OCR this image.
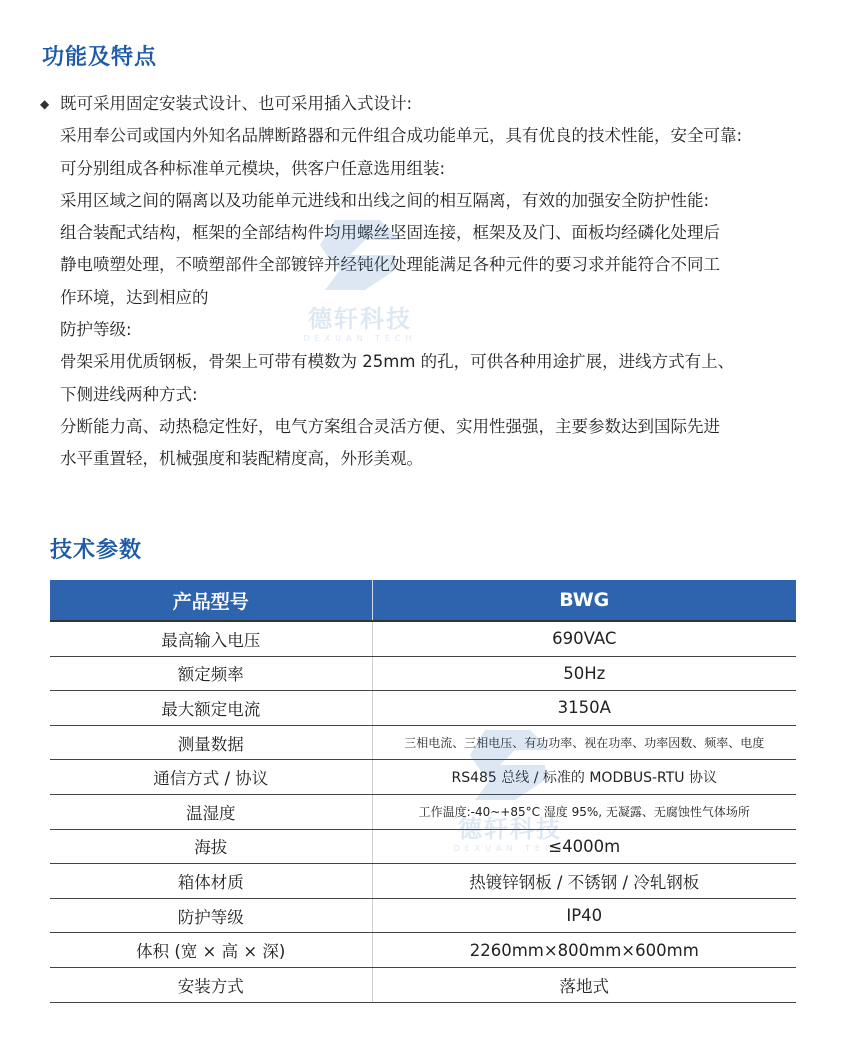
功能及特点
◆ 既可采用固定安装式设计、也可采用插入式设计:
采用奉公司或国内外知名品牌断路器和元件组合成功能单元，具有优良的技术性能，安全可靠:
可分别组成各种标准单元模块，供客户任意选用组装:
采用区域之间的隔离以及功能单元进线和出线之间的相互隔离，有效的加强安全防护性能:
组合装配式结构，框架的全部结构件均用螺丝坚固连接，框架及及门、面板均经磷化处理后
静电喷塑处理，不喷塑部件全部镀锌并经钝化处理能满足各种元件的要习求并能符合不同工
作环境，达到相应的
防护等级:
骨架采用优质钢板，骨架上可带有模数为 25mm 的孔，可供各种用途扩展，进线方式有上、
下侧进线两种方式:
分断能力高、动热稳定性好，电气方案组合灵活方便、实用性强强，主要参数达到国际先进
水平重置轻，机械强度和装配精度高，外形美观。
德轩科技
DEXUAN TECH
技术参数
产品型号	BWG
最高输入电压	690VAC
额定频率	50Hz
最大额定电流	3150A
测量数据	三相电流、三相电压、有功功率、视在功率、功率因数、频率、电度
通信方式 / 协议	RS485 总线 / 标准的 MODBUS-RTU 协议
温湿度	工作温度:-40~+85°C 湿度 95%, 无凝露、无腐蚀性气体场所
海拔	≤4000m
箱体材质	热镀锌钢板 / 不锈钢 / 冷轧钢板
防护等级	IP40
体积 (宽 × 高 × 深)	2260mm×800mm×600mm
安装方式	落地式
德轩科技
DEXUAN TECH
